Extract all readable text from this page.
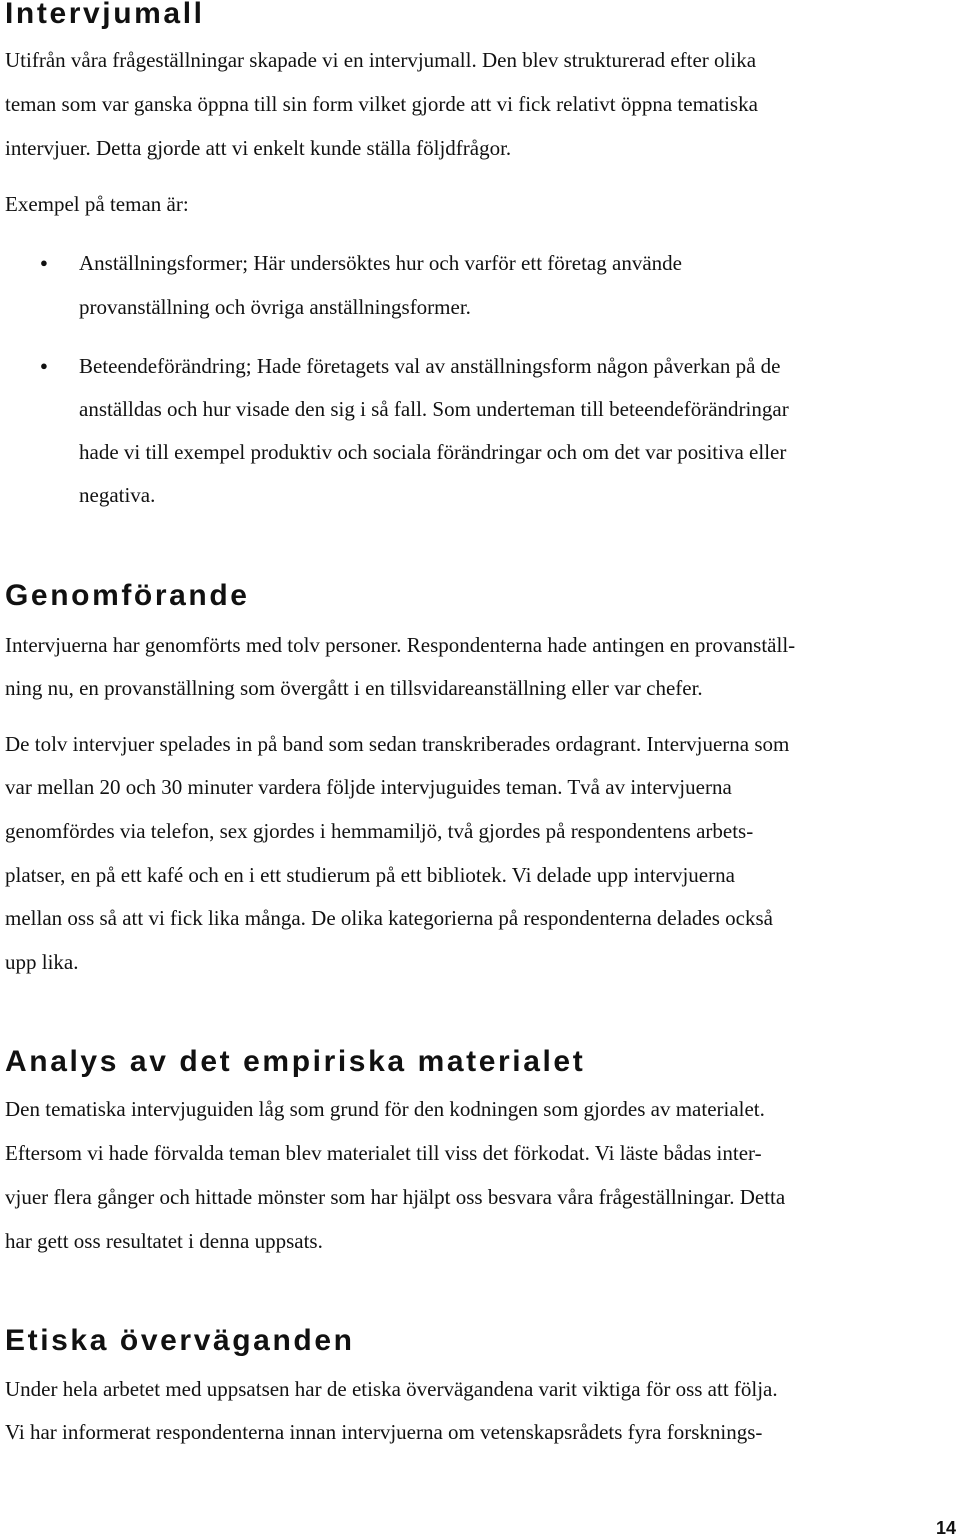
Intervjumall

Utifrån våra frågeställningar skapade vi en intervjumall. Den blev strukturerad efter olika

teman som var ganska öppna till sin form vilket gjorde att vi fick relativt öppna tematiska

intervjuer. Detta gjorde att vi enkelt kunde ställa följdfrågor.

Exempel på teman är:

● Anställningsformer; Här undersöktes hur och varför ett företag använde

provanställning och övriga anställningsformer.

● Beteendeförändring; Hade företagets val av anställningsform någon påverkan på de

anställdas och hur visade den sig i så fall. Som underteman till beteendeförändringar

hade vi till exempel produktiv och sociala förändringar och om det var positiva eller

negativa.

Genomförande

Intervjuerna har genomförts med tolv personer. Respondenterna hade antingen en provanställ-

ning nu, en provanställning som övergått i en tillsvidareanställning eller var chefer.

De tolv intervjuer spelades in på band som sedan transkriberades ordagrant. Intervjuerna som

var mellan 20 och 30 minuter vardera följde intervjuguides teman. Två av intervjuerna

genomfördes via telefon, sex gjordes i hemmamiljö, två gjordes på respondentens arbets-

platser, en på ett kafé och en i ett studierum på ett bibliotek. Vi delade upp intervjuerna

mellan oss så att vi fick lika många. De olika kategorierna på respondenterna delades också

upp lika.

Analys av det empiriska materialet

Den tematiska intervjuguiden låg som grund för den kodningen som gjordes av materialet.

Eftersom vi hade förvalda teman blev materialet till viss det förkodat. Vi läste bådas inter-

vjuer flera gånger och hittade mönster som har hjälpt oss besvara våra frågeställningar. Detta

har gett oss resultatet i denna uppsats.

Etiska överväganden

Under hela arbetet med uppsatsen har de etiska övervägandena varit viktiga för oss att följa.

Vi har informerat respondenterna innan intervjuerna om vetenskapsrådets fyra forsknings-

14
